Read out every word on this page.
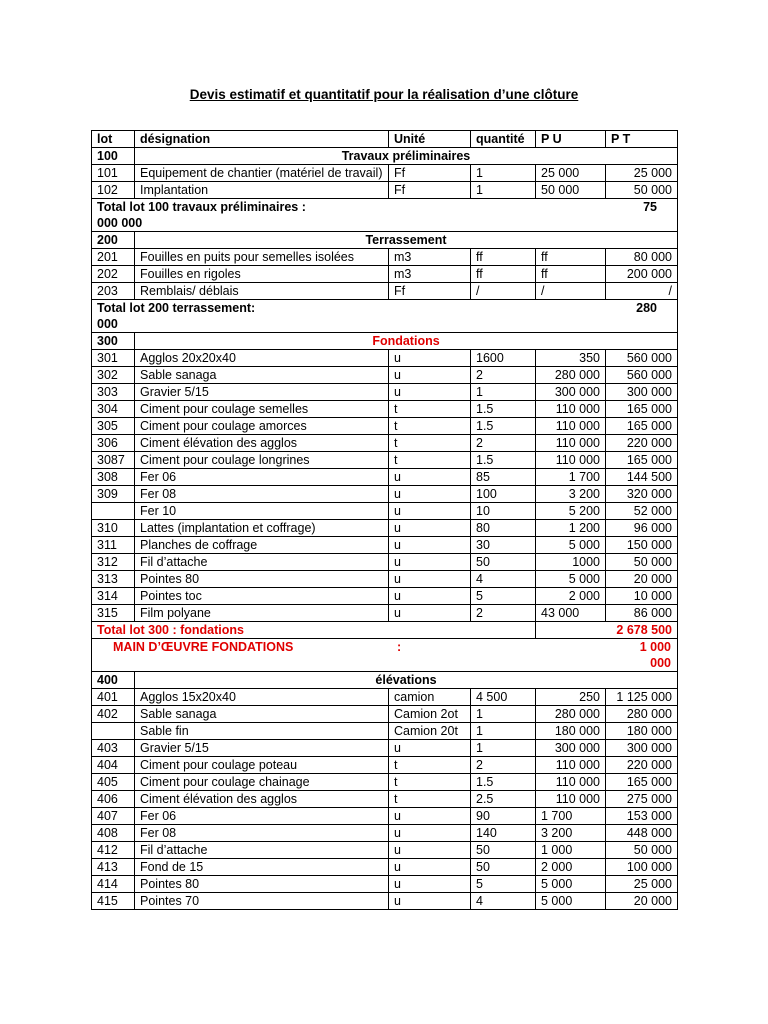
Devis estimatif et quantitatif pour la réalisation d’une clôture
lot	désignation	Unité	quantité	P U	P T
100	Travaux préliminaires				
101	Equipement de chantier (matériel de travail)	Ff	1	25 000	25 000
102	Implantation	Ff	1	50 000	50 000
Total lot 100 travaux préliminaires : 75
000 000					

200	Terrassement				
201	Fouilles en puits pour semelles isolées	m3	ff	ff	80 000
202	Fouilles en rigoles	m3	ff	ff	200 000
203	Remblais/ déblais	Ff	/	/	/
Total lot 200 terrassement: 280
000					

300	Fondations				
301	Agglos 20x20x40	u	1600	350	560 000
302	Sable sanaga	u	2	280 000	560 000
303	Gravier 5/15	u	1	300 000	300 000
304	Ciment pour coulage semelles	t	1.5	110 000	165 000
305	Ciment pour coulage amorces	t	1.5	110 000	165 000
306	Ciment élévation des agglos	t	2	110 000	220 000
3087	Ciment pour coulage longrines	t	1.5	110 000	165 000
308	Fer 06	u	85	1 700	144 500
309	Fer 08	u	100	3 200	320 000
	Fer 10	u	10	5 200	52 000
310	Lattes (implantation et coffrage)	u	80	1 200	96 000
311	Planches de coffrage	u	30	5 000	150 000
312	Fil d’attache	u	50	1000	50 000
313	Pointes 80	u	4	5 000	20 000
314	Pointes toc	u	5	2 000	10 000
315	Film polyane	u	2	43 000	86 000
Total lot 300 : fondations				2 678 500	

MAIN D’ŒUVRE FONDATIONS : 1 000
000					

400	élévations				
401	Agglos 15x20x40	camion	4 500	250	1 125 000
402	Sable sanaga	Camion 2ot	1	280 000	280 000
	Sable fin	Camion 20t	1	180 000	180 000
403	Gravier 5/15	u	1	300 000	300 000
404	Ciment pour coulage poteau	t	2	110 000	220 000
405	Ciment pour coulage chainage	t	1.5	110 000	165 000
406	Ciment élévation des agglos	t	2.5	110 000	275 000
407	Fer 06	u	90	1 700	153 000
408	Fer 08	u	140	3 200	448 000
412	Fil d’attache	u	50	1 000	50 000
413	Fond de 15	u	50	2 000	100 000
414	Pointes 80	u	5	5 000	25 000
415	Pointes 70	u	4	5 000	20 000
